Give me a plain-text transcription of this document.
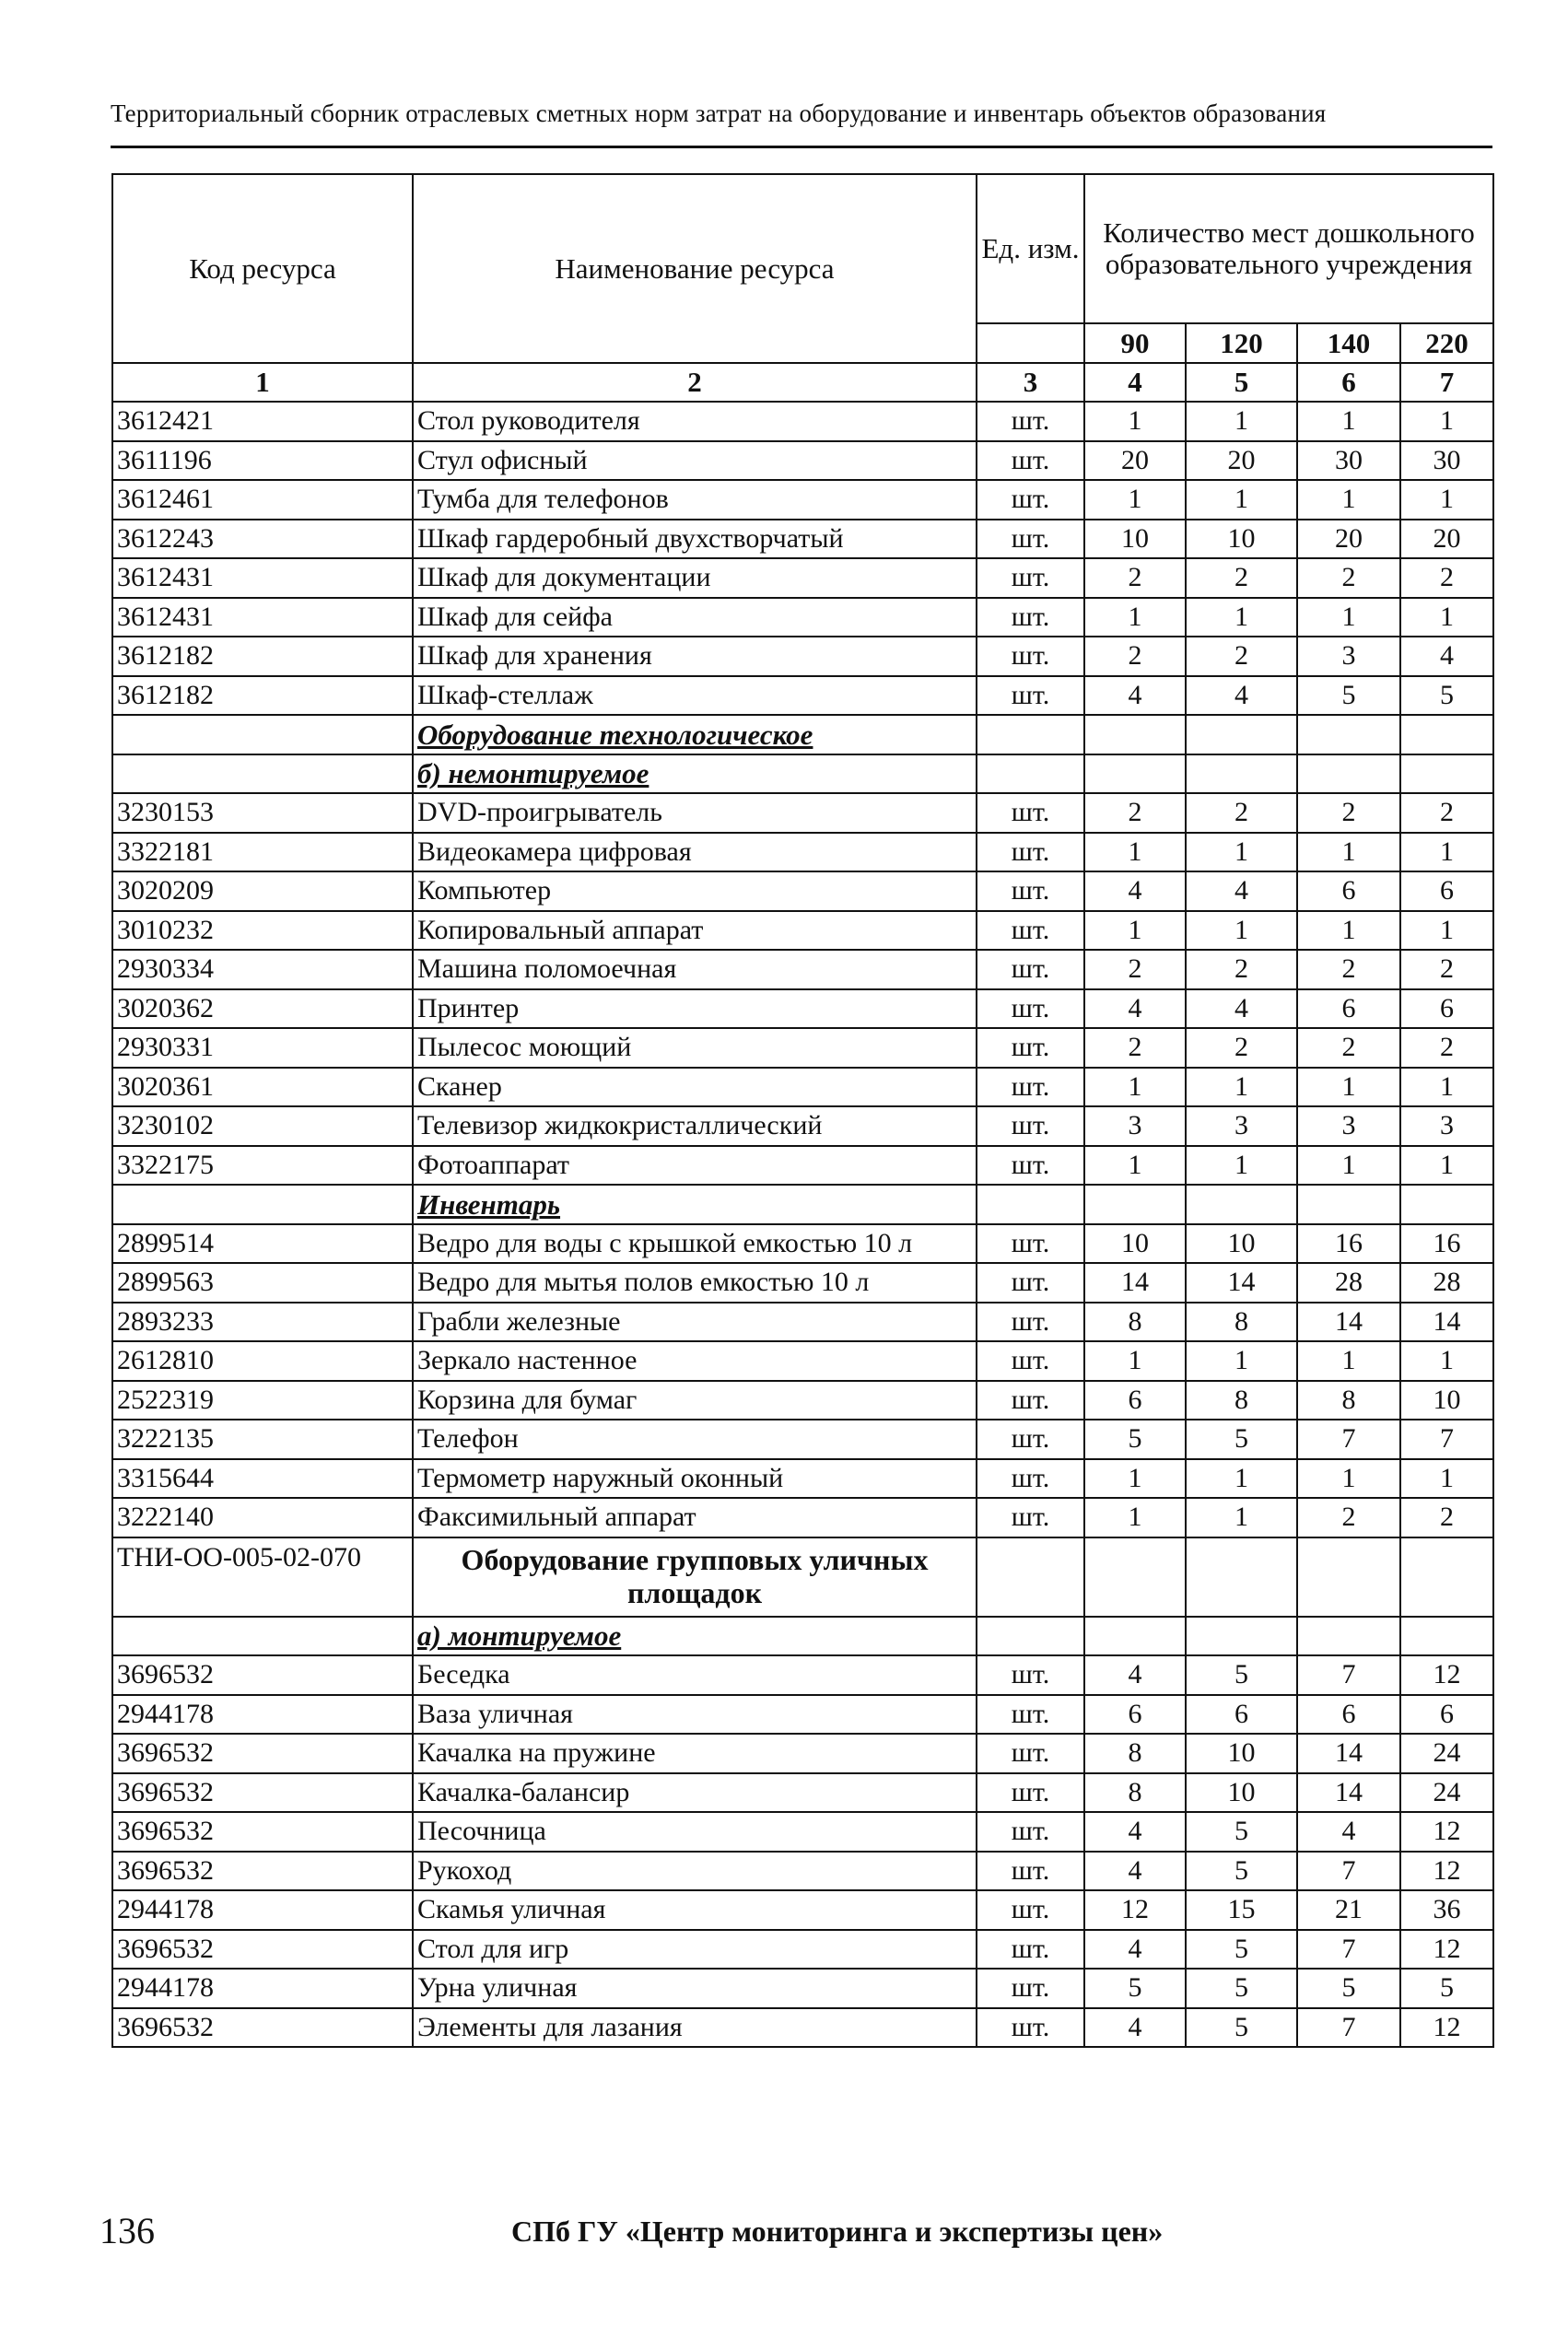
Территориальный сборник отраслевых сметных норм затрат на оборудование и инвентарь объектов образования
Код ресурса	Наименование ресурса	Ед. изм.	Количество мест дошкольного образовательного учреждения			
			90	120	140	220
1	2	3	4	5	6	7
3612421	Стол руководителя	шт.	1	1	1	1
3611196	Стул офисный	шт.	20	20	30	30
3612461	Тумба для телефонов	шт.	1	1	1	1
3612243	Шкаф гардеробный двухстворчатый	шт.	10	10	20	20
3612431	Шкаф для документации	шт.	2	2	2	2
3612431	Шкаф для сейфа	шт.	1	1	1	1
3612182	Шкаф для хранения	шт.	2	2	3	4
3612182	Шкаф-стеллаж	шт.	4	4	5	5
	Оборудование технологическое					
	б) немонтируемое					
3230153	DVD-проигрыватель	шт.	2	2	2	2
3322181	Видеокамера цифровая	шт.	1	1	1	1
3020209	Компьютер	шт.	4	4	6	6
3010232	Копировальный аппарат	шт.	1	1	1	1
2930334	Машина поломоечная	шт.	2	2	2	2
3020362	Принтер	шт.	4	4	6	6
2930331	Пылесос моющий	шт.	2	2	2	2
3020361	Сканер	шт.	1	1	1	1
3230102	Телевизор жидкокристаллический	шт.	3	3	3	3
3322175	Фотоаппарат	шт.	1	1	1	1
	Инвентарь					
2899514	Ведро для воды с крышкой емкостью 10 л	шт.	10	10	16	16
2899563	Ведро для мытья полов емкостью 10 л	шт.	14	14	28	28
2893233	Грабли железные	шт.	8	8	14	14
2612810	Зеркало настенное	шт.	1	1	1	1
2522319	Корзина для бумаг	шт.	6	8	8	10
3222135	Телефон	шт.	5	5	7	7
3315644	Термометр наружный оконный	шт.	1	1	1	1
3222140	Факсимильный аппарат	шт.	1	1	2	2
ТНИ-ОО-005-02-070	Оборудование групповых уличных площадок					
	а) монтируемое					
3696532	Беседка	шт.	4	5	7	12
2944178	Ваза уличная	шт.	6	6	6	6
3696532	Качалка на пружине	шт.	8	10	14	24
3696532	Качалка-балансир	шт.	8	10	14	24
3696532	Песочница	шт.	4	5	4	12
3696532	Рукоход	шт.	4	5	7	12
2944178	Скамья уличная	шт.	12	15	21	36
3696532	Стол для игр	шт.	4	5	7	12
2944178	Урна уличная	шт.	5	5	5	5
3696532	Элементы для лазания	шт.	4	5	7	12
136	СПб ГУ «Центр мониторинга и экспертизы цен»
